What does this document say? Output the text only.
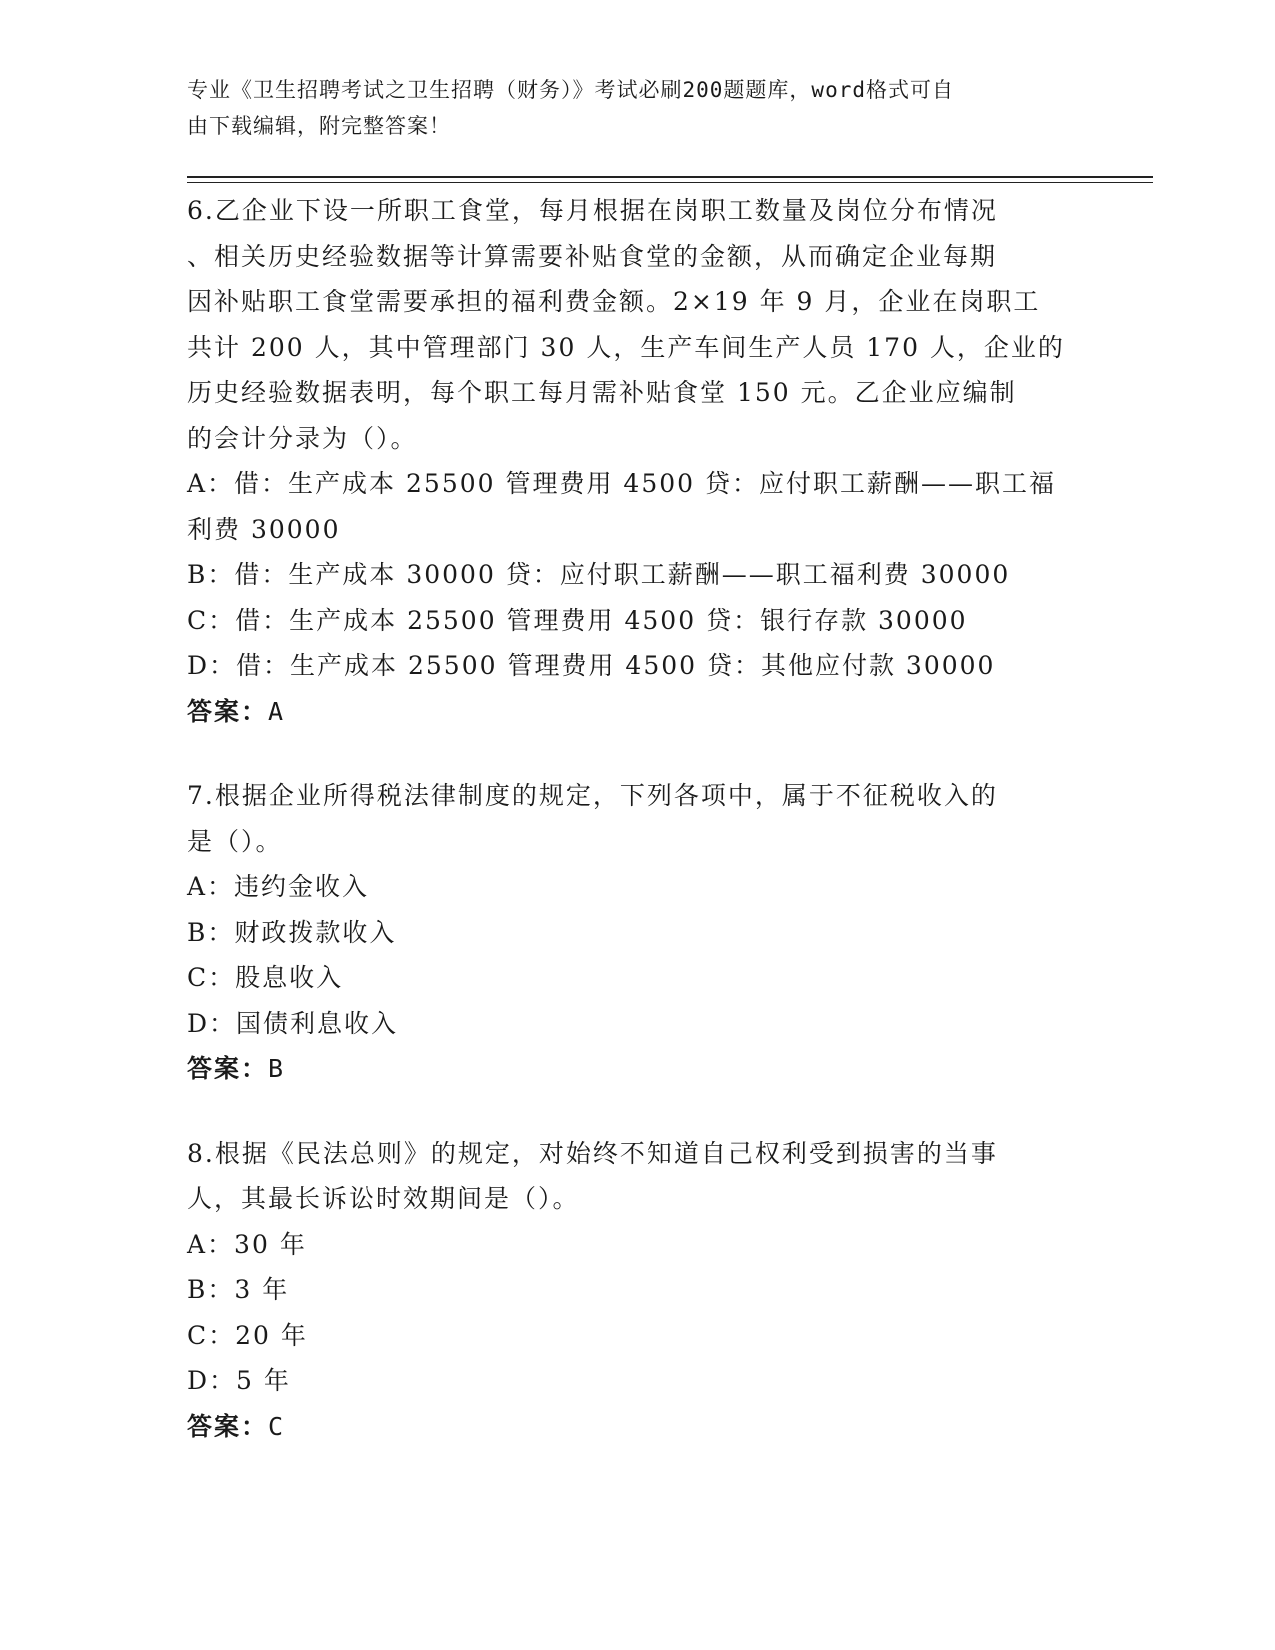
专业《卫生招聘考试之卫生招聘（财务）》考试必刷200题题库，word格式可自
由下载编辑，附完整答案！

6.乙企业下设一所职工食堂，每月根据在岗职工数量及岗位分布情况

、相关历史经验数据等计算需要补贴食堂的金额，从而确定企业每期

因补贴职工食堂需要承担的福利费金额。2×19 年 9 月，企业在岗职工

共计 200 人，其中管理部门 30 人，生产车间生产人员 170 人，企业的

历史经验数据表明，每个职工每月需补贴食堂 150 元。乙企业应编制

的会计分录为（）。

A：借：生产成本 25500 管理费用 4500 贷：应付职工薪酬——职工福

利费 30000

B：借：生产成本 30000 贷：应付职工薪酬——职工福利费 30000

C：借：生产成本 25500 管理费用 4500 贷：银行存款 30000

D：借：生产成本 25500 管理费用 4500 贷：其他应付款 30000

答案：A

7.根据企业所得税法律制度的规定，下列各项中，属于不征税收入的

是（）。

A：违约金收入

B：财政拨款收入

C：股息收入

D：国债利息收入

答案：B

8.根据《民法总则》的规定，对始终不知道自己权利受到损害的当事

人，其最长诉讼时效期间是（）。

A：30 年

B：3 年

C：20 年

D：5 年

答案：C
